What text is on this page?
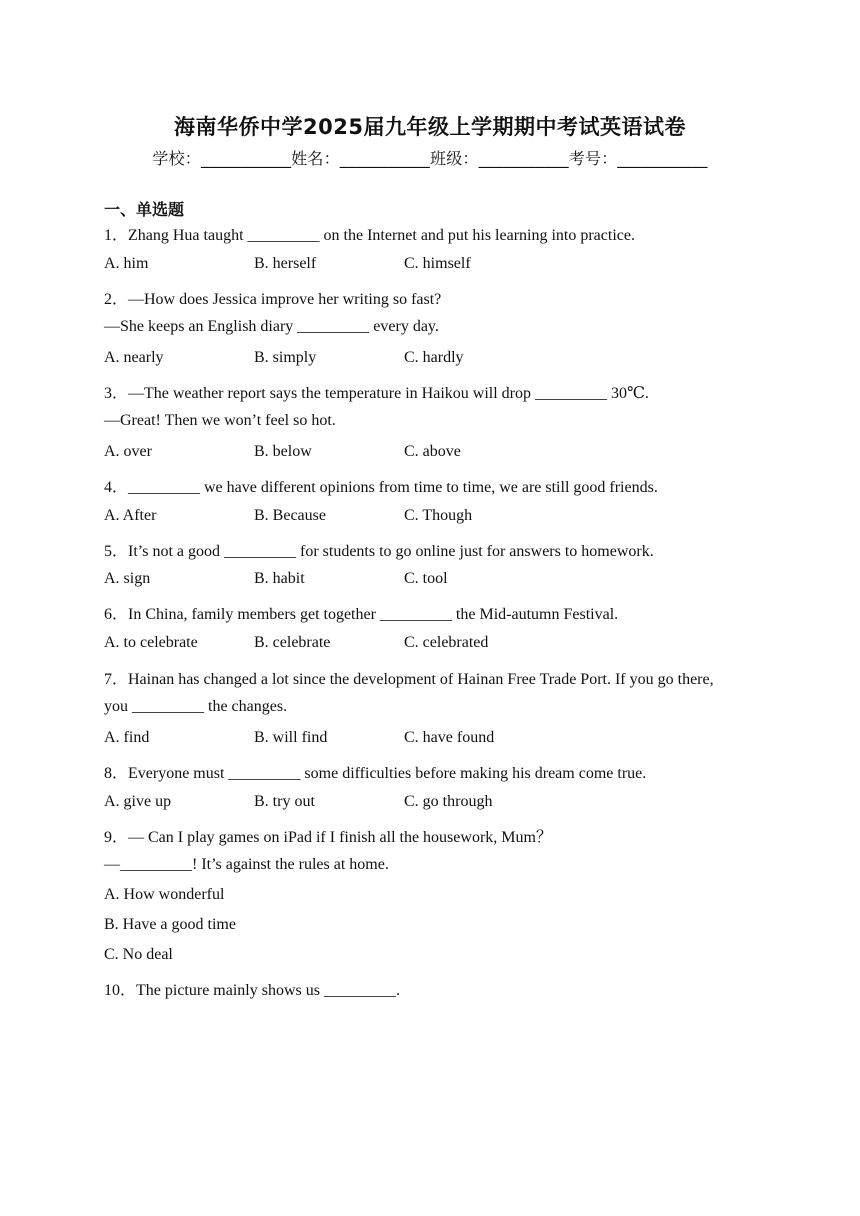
海南华侨中学2025届九年级上学期期中考试英语试卷
学校：___________姓名：___________班级：___________考号：___________
一、单选题
1．Zhang Hua taught _________ on the Internet and put his learning into practice.
A. him	B. herself	C. himself
2．—How does Jessica improve her writing so fast?
—She keeps an English diary _________ every day.
A. nearly	B. simply	C. hardly
3．—The weather report says the temperature in Haikou will drop _________ 30℃.
—Great! Then we won’t feel so hot.
A. over	B. below	C. above
4．_________ we have different opinions from time to time, we are still good friends.
A. After	B. Because	C. Though
5．It’s not a good _________ for students to go online just for answers to homework.
A. sign	B. habit	C. tool
6．In China, family members get together _________ the Mid-autumn Festival.
A. to celebrate	B. celebrate	C. celebrated
7．Hainan has changed a lot since the development of Hainan Free Trade Port. If you go there,
you _________ the changes.
A. find	B. will find	C. have found
8．Everyone must _________ some difficulties before making his dream come true.
A. give up	B. try out	C. go through
9．— Can I play games on iPad if I finish all the housework, Mum？
—_________! It’s against the rules at home.
A. How wonderful
B. Have a good time
C. No deal
10．The picture mainly shows us _________.
